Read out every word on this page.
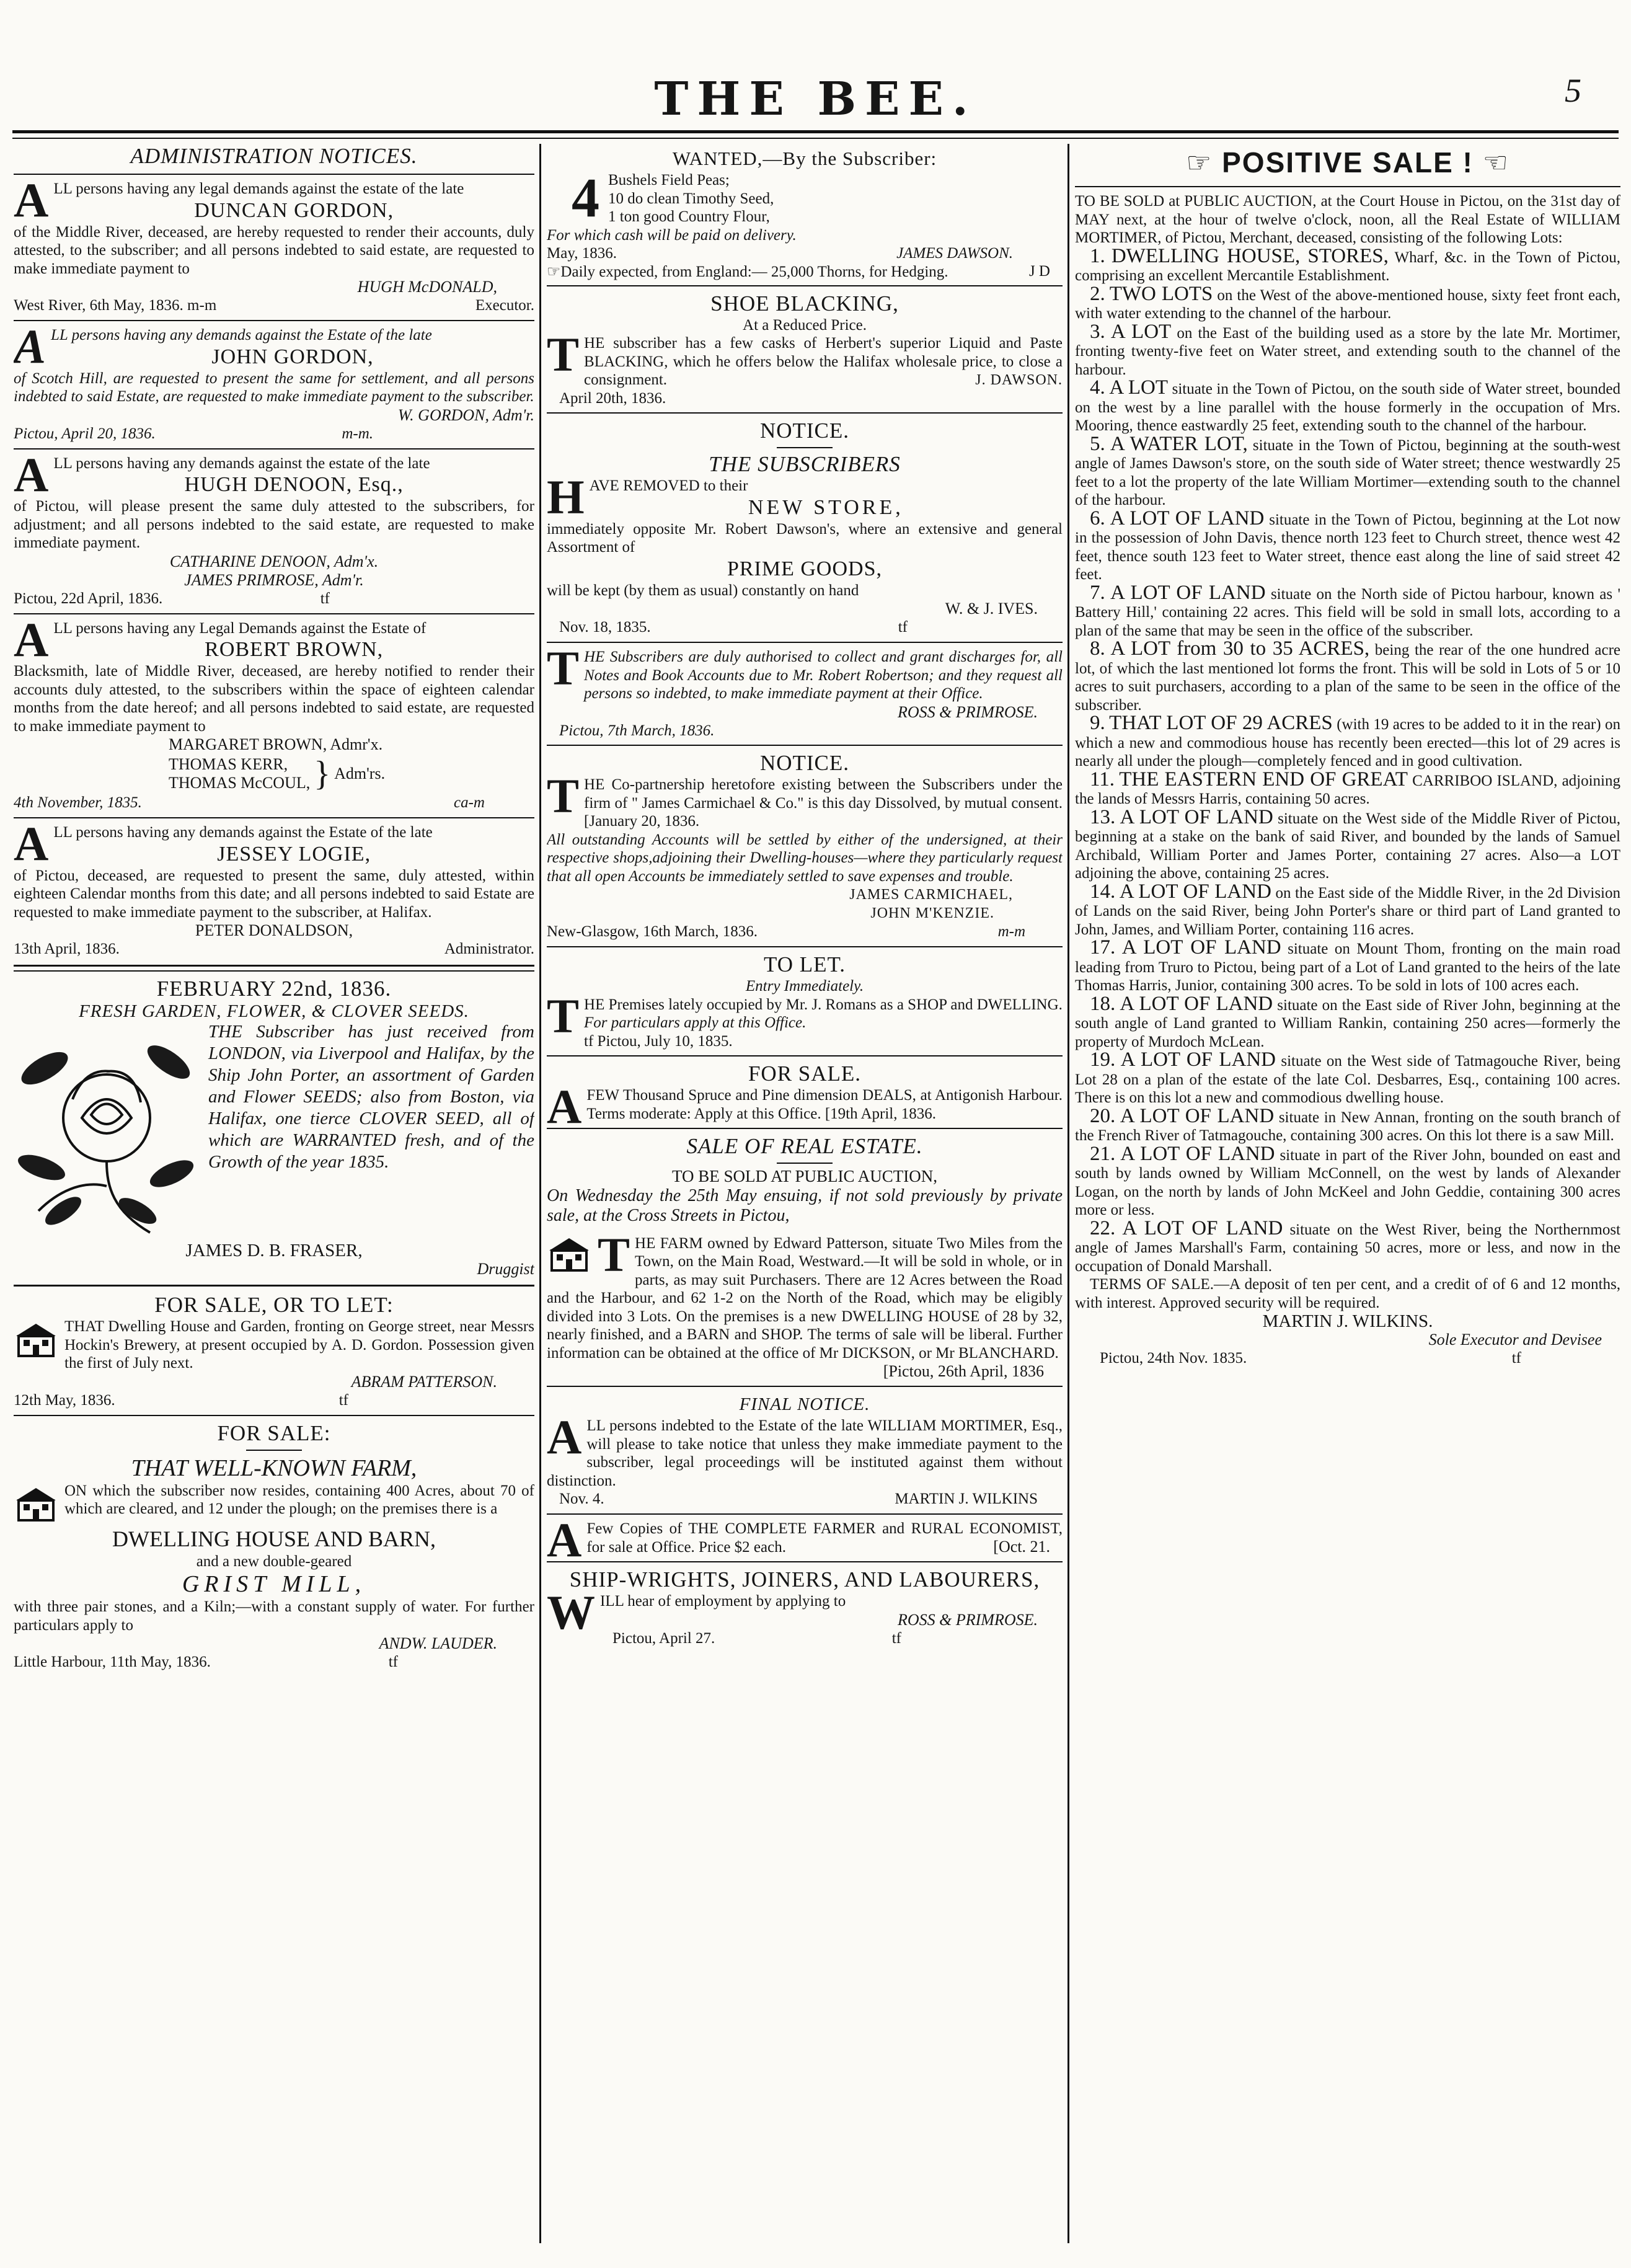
THE BEE.	5
ADMINISTRATION NOTICES.

ALL persons having any legal demands against the estate of the late

DUNCAN GORDON,

of the Middle River, deceased, are hereby requested to render their accounts, duly attested, to the subscriber; and all persons indebted to said estate, are requested to make immediate payment to

HUGH McDONALD,
West River, 6th May, 1836. m-m	Executor.

ALL persons having any demands against the Estate of the late

JOHN GORDON,

of Scotch Hill, are requested to present the same for settlement, and all persons indebted to said Estate, are requested to make immediate payment to the subscriber.

W. GORDON, Adm'r.
Pictou, April 20, 1836.	m-m.

ALL persons having any demands against the estate of the late

HUGH DENOON, Esq.,

of Pictou, will please present the same duly attested to the subscribers, for adjustment; and all persons indebted to the said estate, are requested to make immediate payment.

CATHARINE DENOON, Adm'x.
JAMES PRIMROSE, Adm'r.
Pictou, 22d April, 1836.	tf

ALL persons having any Legal Demands against the Estate of

ROBERT BROWN,

Blacksmith, late of Middle River, deceased, are hereby notified to render their accounts duly attested, to the subscribers within the space of eighteen calendar months from the date hereof; and all persons indebted to said estate, are requested to make immediate payment to

MARGARET BROWN, Admr'x.
THOMAS KERR,
THOMAS McCOUL, } Adm'rs.
4th November, 1835.	ca-m

ALL persons having any demands against the Estate of the late

JESSEY LOGIE,

of Pictou, deceased, are requested to present the same, duly attested, within eighteen Calendar months from this date; and all persons indebted to said Estate are requested to make immediate payment to the subscriber, at Halifax.

PETER DONALDSON,
13th April, 1836.	Administrator.
FEBRUARY 22nd, 1836.
FRESH GARDEN, FLOWER, & CLOVER SEEDS.

THE Subscriber has just received from LONDON, via Liverpool and Halifax, by the Ship John Porter, an assortment of Garden and Flower SEEDS; also from Boston, via Halifax, one tierce CLOVER SEED, all of which are WARRANTED fresh, and of the Growth of the year 1835.

JAMES D. B. FRASER,
Druggist
FOR SALE, OR TO LET:

THAT Dwelling House and Garden, fronting on George street, near Messrs Hockin's Brewery, at present occupied by A. D. Gordon. Possession given the first of July next.

ABRAM PATTERSON.
12th May, 1836.	tf
FOR SALE:
THAT WELL-KNOWN FARM,

ON which the subscriber now resides, containing 400 Acres, about 70 of which are cleared, and 12 under the plough; on the premises there is a

DWELLING HOUSE AND BARN,
and a new double-geared
GRIST MILL,

with three pair stones, and a Kiln;—with a constant supply of water. For further particulars apply to

ANDW. LAUDER.
Little Harbour, 11th May, 1836.	tf
WANTED,—By the Subscriber:
4 Bushels Field Peas;
10 do clean Timothy Seed,
1 ton good Country Flour,

For which cash will be paid on delivery.

May, 1836.	JAMES DAWSON.

☞Daily expected, from England:— 25,000 Thorns, for Hedging.	J D
SHOE BLACKING,
At a Reduced Price.

THE subscriber has a few casks of Herbert's superior Liquid and Paste BLACKING, which he offers below the Halifax wholesale price, to close a consignment.	J. DAWSON.
April 20th, 1836.
NOTICE.
THE SUBSCRIBERS

HAVE REMOVED to their

NEW STORE,

immediately opposite Mr. Robert Dawson's, where an extensive and general Assortment of

PRIME GOODS,

will be kept (by them as usual) constantly on hand

W. & J. IVES.
Nov. 18, 1835.	tf

THE Subscribers are duly authorised to collect and grant discharges for, all Notes and Book Accounts due to Mr. Robert Robertson; and they request all persons so indebted, to make immediate payment at their Office.

ROSS & PRIMROSE.
Pictou, 7th March, 1836.
NOTICE.

THE Co-partnership heretofore existing between the Subscribers under the firm of " James Carmichael & Co." is this day Dissolved, by mutual consent. [January 20, 1836.

All outstanding Accounts will be settled by either of the undersigned, at their respective shops,adjoining their Dwelling-houses—where they particularly request that all open Accounts be immediately settled to save expenses and trouble.

JAMES CARMICHAEL,
JOHN M'KENZIE.
New-Glasgow, 16th March, 1836.	m-m
TO LET.
Entry Immediately.

THE Premises lately occupied by Mr. J. Romans as a SHOP and DWELLING.

For particulars apply at this Office.
tf Pictou, July 10, 1835.
FOR SALE.

AFEW Thousand Spruce and Pine dimension DEALS, at Antigonish Harbour. Terms moderate: Apply at this Office. [19th April, 1836.

SALE OF REAL ESTATE.
TO BE SOLD AT PUBLIC AUCTION,

On Wednesday the 25th May ensuing, if not sold previously by private sale, at the Cross Streets in Pictou,

THE FARM owned by Edward Patterson, situate Two Miles from the Town, on the Main Road, Westward.—It will be sold in whole, or in parts, as may suit Purchasers. There are 12 Acres between the Road and the Harbour, and 62 1-2 on the North of the Road, which may be eligibly divided into 3 Lots. On the premises is a new DWELLING HOUSE of 28 by 32, nearly finished, and a BARN and SHOP. The terms of sale will be liberal. Further information can be obtained at the office of Mr DICKSON, or Mr BLANCHARD.

[Pictou, 26th April, 1836
FINAL NOTICE.

ALL persons indebted to the Estate of the late WILLIAM MORTIMER, Esq., will please to take notice that unless they make immediate payment to the subscriber, legal proceedings will be instituted against them without distinction.

Nov. 4.	MARTIN J. WILKINS

A Few Copies of THE COMPLETE FARMER and RURAL ECONOMIST, for sale at Office. Price $2 each.	[Oct. 21.
SHIP-WRIGHTS, JOINERS, AND LABOURERS,

WILL hear of employment by applying to

ROSS & PRIMROSE.
Pictou, April 27.	tf
☞ POSITIVE SALE ! ☜

TO BE SOLD at PUBLIC AUCTION, at the Court House in Pictou, on the 31st day of MAY next, at the hour of twelve o'clock, noon, all the Real Estate of WILLIAM MORTIMER, of Pictou, Merchant, deceased, consisting of the following Lots:

1. DWELLING HOUSE, STORES, Wharf, &c. in the Town of Pictou, comprising an excellent Mercantile Establishment.

2. TWO LOTS on the West of the above-mentioned house, sixty feet front each, with water extending to the channel of the harbour.

3. A LOT on the East of the building used as a store by the late Mr. Mortimer, fronting twenty-five feet on Water street, and extending south to the channel of the harbour.

4. A LOT situate in the Town of Pictou, on the south side of Water street, bounded on the west by a line parallel with the house formerly in the occupation of Mrs. Mooring, thence eastwardly 25 feet, extending south to the channel of the harbour.

5. A WATER LOT, situate in the Town of Pictou, beginning at the south-west angle of James Dawson's store, on the south side of Water street; thence westwardly 25 feet to a lot the property of the late William Mortimer—extending south to the channel of the harbour.

6. A LOT OF LAND situate in the Town of Pictou, beginning at the Lot now in the possession of John Davis, thence north 123 feet to Church street, thence west 42 feet, thence south 123 feet to Water street, thence east along the line of said street 42 feet.

7. A LOT OF LAND situate on the North side of Pictou harbour, known as ' Battery Hill,' containing 22 acres. This field will be sold in small lots, according to a plan of the same that may be seen in the office of the subscriber.

8. A LOT from 30 to 35 ACRES, being the rear of the one hundred acre lot, of which the last mentioned lot forms the front. This will be sold in Lots of 5 or 10 acres to suit purchasers, according to a plan of the same to be seen in the office of the subscriber.

9. THAT LOT OF 29 ACRES (with 19 acres to be added to it in the rear) on which a new and commodious house has recently been erected—this lot of 29 acres is nearly all under the plough—completely fenced and in good cultivation.

11. THE EASTERN END OF GREAT CARRIBOO ISLAND, adjoining the lands of Messrs Harris, containing 50 acres.

13. A LOT OF LAND situate on the West side of the Middle River of Pictou, beginning at a stake on the bank of said River, and bounded by the lands of Samuel Archibald, William Porter and James Porter, containing 27 acres. Also—a LOT adjoining the above, containing 25 acres.

14. A LOT OF LAND on the East side of the Middle River, in the 2d Division of Lands on the said River, being John Porter's share or third part of Land granted to John, James, and William Porter, containing 116 acres.

17. A LOT OF LAND situate on Mount Thom, fronting on the main road leading from Truro to Pictou, being part of a Lot of Land granted to the heirs of the late Thomas Harris, Junior, containing 300 acres. To be sold in lots of 100 acres each.

18. A LOT OF LAND situate on the East side of River John, beginning at the south angle of Land granted to William Rankin, containing 250 acres—formerly the property of Murdoch McLean.

19. A LOT OF LAND situate on the West side of Tatmagouche River, being Lot 28 on a plan of the estate of the late Col. Desbarres, Esq., containing 100 acres. There is on this lot a new and commodious dwelling house.

20. A LOT OF LAND situate in New Annan, fronting on the south branch of the French River of Tatmagouche, containing 300 acres. On this lot there is a saw Mill.

21. A LOT OF LAND situate in part of the River John, bounded on east and south by lands owned by William McConnell, on the west by lands of Alexander Logan, on the north by lands of John McKeel and John Geddie, containing 300 acres more or less.

22. A LOT OF LAND situate on the West River, being the Northernmost angle of James Marshall's Farm, containing 50 acres, more or less, and now in the occupation of Donald Marshall.

TERMS OF SALE.—A deposit of ten per cent, and a credit of of 6 and 12 months, with interest. Approved security will be required.

MARTIN J. WILKINS.
Sole Executor and Devisee
Pictou, 24th Nov. 1835.	tf
